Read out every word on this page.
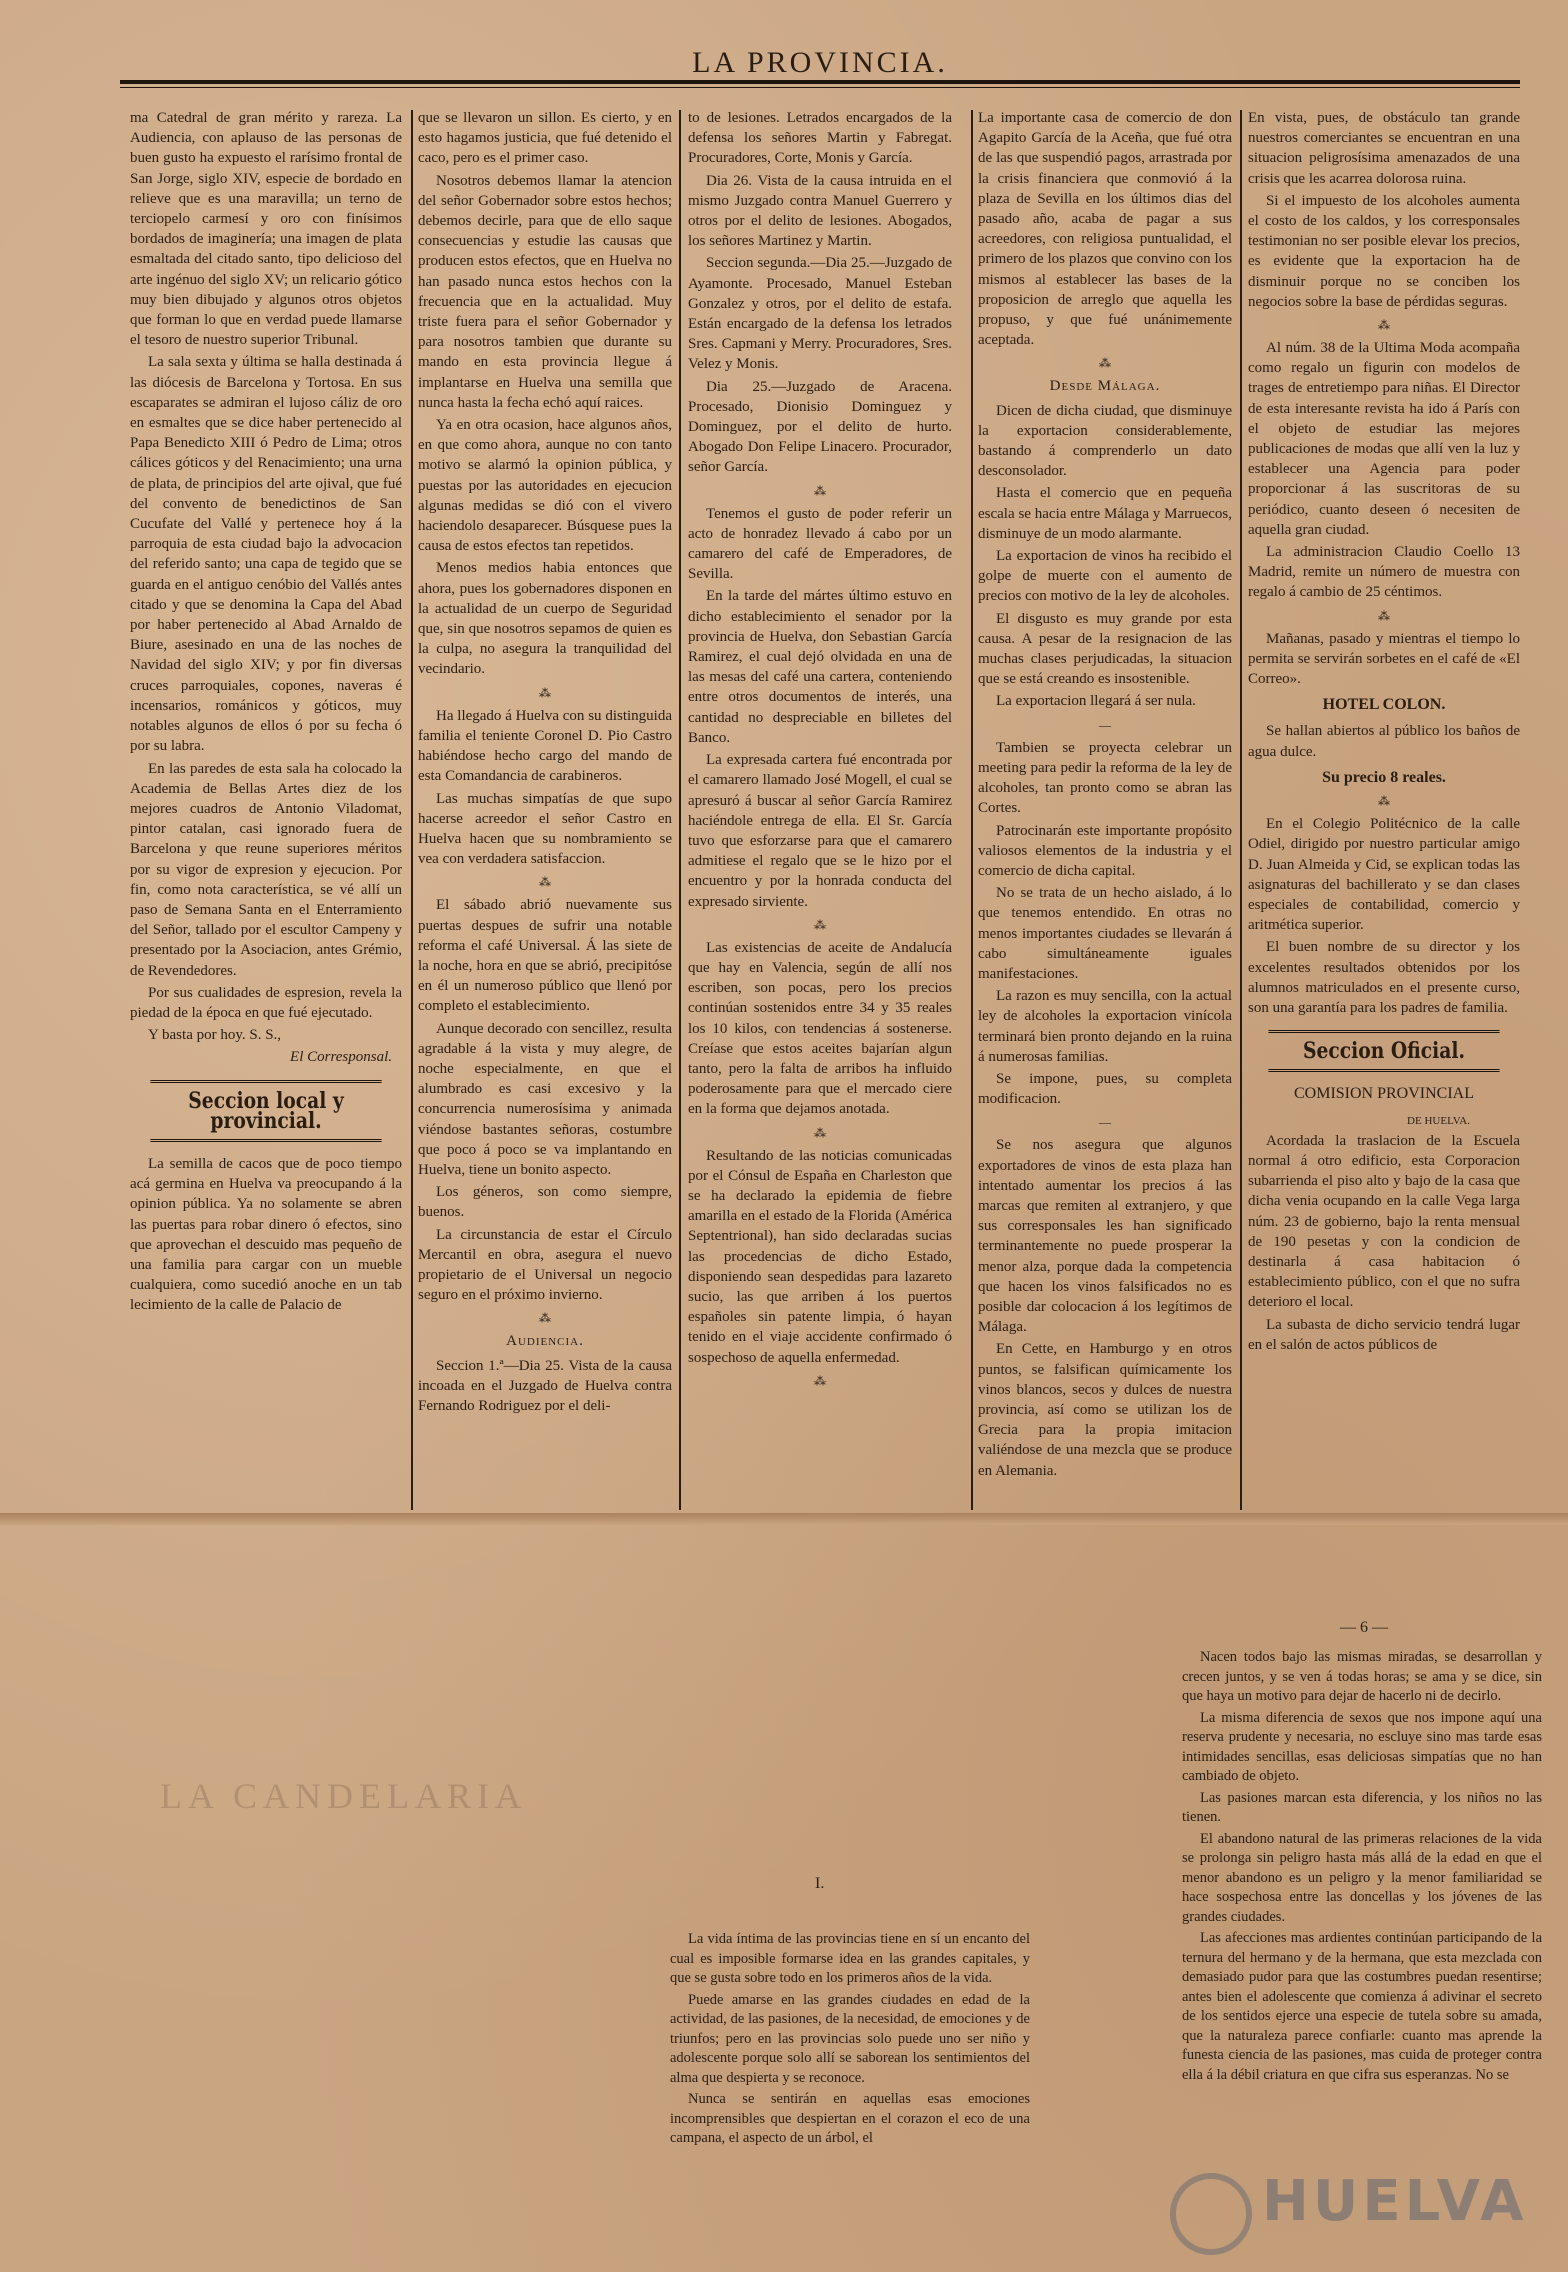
LA PROVINCIA.

ma Catedral de gran mérito y rareza. La Audiencia, con aplauso de las personas de buen gusto ha expuesto el rarísimo frontal de San Jorge, siglo XIV, especie de bordado en relieve que es una maravilla; un terno de terciopelo carmesí y oro con finísimos bordados de imaginería; una imagen de plata esmaltada del citado santo, tipo delicioso del arte ingénuo del siglo XV; un relicario gótico muy bien dibujado y algunos otros objetos que forman lo que en verdad puede llamarse el tesoro de nuestro superior Tribunal.

La sala sexta y última se halla destinada á las diócesis de Barcelona y Tortosa. En sus escaparates se admiran el lujoso cáliz de oro en esmaltes que se dice haber pertenecido al Papa Benedicto XIII ó Pedro de Lima; otros cálices góticos y del Renacimiento; una urna de plata, de principios del arte ojival, que fué del convento de benedictinos de San Cucufate del Vallé y pertenece hoy á la parroquia de esta ciudad bajo la advocacion del referido santo; una capa de tegido que se guarda en el antiguo cenóbio del Vallés antes citado y que se denomina la Capa del Abad por haber pertenecido al Abad Arnaldo de Biure, asesinado en una de las noches de Navidad del siglo XIV; y por fin diversas cruces parroquiales, copones, naveras é incensarios, románicos y góticos, muy notables algunos de ellos ó por su fecha ó por su labra.

En las paredes de esta sala ha colocado la Academia de Bellas Artes diez de los mejores cuadros de Antonio Viladomat, pintor catalan, casi ignorado fuera de Barcelona y que reune superiores méritos por su vigor de expresion y ejecucion. Por fin, como nota característica, se vé allí un paso de Semana Santa en el Enterramiento del Señor, tallado por el escultor Campeny y presentado por la Asociacion, antes Grémio, de Revendedores.

Por sus cualidades de espresion, revela la piedad de la época en que fué ejecutado.

Y basta por hoy. S. S.,

El Corresponsal.
Seccion local y provincial.

La semilla de cacos que de poco tiempo acá germina en Huelva va preocupando á la opinion pública. Ya no solamente se abren las puertas para robar dinero ó efectos, sino que aprovechan el descuido mas pequeño de una familia para cargar con un mueble cualquiera, como sucedió anoche en un tab lecimiento de la calle de Palacio de

que se llevaron un sillon. Es cierto, y en esto hagamos justicia, que fué detenido el caco, pero es el primer caso.

Nosotros debemos llamar la atencion del señor Gobernador sobre estos hechos; debemos decirle, para que de ello saque consecuencias y estudie las causas que producen estos efectos, que en Huelva no han pasado nunca estos hechos con la frecuencia que en la actualidad. Muy triste fuera para el señor Gobernador y para nosotros tambien que durante su mando en esta provincia llegue á implantarse en Huelva una semilla que nunca hasta la fecha echó aquí raices.

Ya en otra ocasion, hace algunos años, en que como ahora, aunque no con tanto motivo se alarmó la opinion pública, y puestas por las autoridades en ejecucion algunas medidas se dió con el vivero haciendolo desaparecer. Búsquese pues la causa de estos efectos tan repetidos.

Menos medios habia entonces que ahora, pues los gobernadores disponen en la actualidad de un cuerpo de Seguridad que, sin que nosotros sepamos de quien es la culpa, no asegura la tranquilidad del vecindario.

⁂

Ha llegado á Huelva con su distinguida familia el teniente Coronel D. Pio Castro habiéndose hecho cargo del mando de esta Comandancia de carabineros.

Las muchas simpatías de que supo hacerse acreedor el señor Castro en Huelva hacen que su nombramiento se vea con verdadera satisfaccion.

⁂

El sábado abrió nuevamente sus puertas despues de sufrir una notable reforma el café Universal. Á las siete de la noche, hora en que se abrió, precipitóse en él un numeroso público que llenó por completo el establecimiento.

Aunque decorado con sencillez, resulta agradable á la vista y muy alegre, de noche especialmente, en que el alumbrado es casi excesivo y la concurrencia numerosísima y animada viéndose bastantes señoras, costumbre que poco á poco se va implantando en Huelva, tiene un bonito aspecto.

Los géneros, son como siempre, buenos.

La circunstancia de estar el Círculo Mercantil en obra, asegura el nuevo propietario de el Universal un negocio seguro en el próximo invierno.

⁂
Audiencia.

Seccion 1.ª—Dia 25. Vista de la causa incoada en el Juzgado de Huelva contra Fernando Rodriguez por el deli-

to de lesiones. Letrados encargados de la defensa los señores Martin y Fabregat. Procuradores, Corte, Monis y García.

Dia 26. Vista de la causa intruida en el mismo Juzgado contra Manuel Guerrero y otros por el delito de lesiones. Abogados, los señores Martinez y Martin.

Seccion segunda.—Dia 25.—Juzgado de Ayamonte. Procesado, Manuel Esteban Gonzalez y otros, por el delito de estafa. Están encargado de la defensa los letrados Sres. Capmani y Merry. Procuradores, Sres. Velez y Monis.

Dia 25.—Juzgado de Aracena. Procesado, Dionisio Dominguez y Dominguez, por el delito de hurto. Abogado Don Felipe Linacero. Procurador, señor García.

⁂

Tenemos el gusto de poder referir un acto de honradez llevado á cabo por un camarero del café de Emperadores, de Sevilla.

En la tarde del mártes último estuvo en dicho establecimiento el senador por la provincia de Huelva, don Sebastian García Ramirez, el cual dejó olvidada en una de las mesas del café una cartera, conteniendo entre otros documentos de interés, una cantidad no despreciable en billetes del Banco.

La expresada cartera fué encontrada por el camarero llamado José Mogell, el cual se apresuró á buscar al señor García Ramirez haciéndole entrega de ella. El Sr. García tuvo que esforzarse para que el camarero admitiese el regalo que se le hizo por el encuentro y por la honrada conducta del expresado sirviente.

⁂

Las existencias de aceite de Andalucía que hay en Valencia, según de allí nos escriben, son pocas, pero los precios continúan sostenidos entre 34 y 35 reales los 10 kilos, con tendencias á sostenerse. Creíase que estos aceites bajarían algun tanto, pero la falta de arribos ha influido poderosamente para que el mercado ciere en la forma que dejamos anotada.

⁂

Resultando de las noticias comunicadas por el Cónsul de España en Charleston que se ha declarado la epidemia de fiebre amarilla en el estado de la Florida (América Septentrional), han sido declaradas sucias las procedencias de dicho Estado, disponiendo sean despedidas para lazareto sucio, las que arriben á los puertos españoles sin patente limpia, ó hayan tenido en el viaje accidente confirmado ó sospechoso de aquella enfermedad.

⁂

La importante casa de comercio de don Agapito García de la Aceña, que fué otra de las que suspendió pagos, arrastrada por la crisis financiera que conmovió á la plaza de Sevilla en los últimos dias del pasado año, acaba de pagar a sus acreedores, con religiosa puntualidad, el primero de los plazos que convino con los mismos al establecer las bases de la proposicion de arreglo que aquella les propuso, y que fué unánimemente aceptada.

⁂
Desde Málaga.

Dicen de dicha ciudad, que disminuye la exportacion considerablemente, bastando á comprenderlo un dato desconsolador.

Hasta el comercio que en pequeña escala se hacia entre Málaga y Marruecos, disminuye de un modo alarmante.

La exportacion de vinos ha recibido el golpe de muerte con el aumento de precios con motivo de la ley de alcoholes.

El disgusto es muy grande por esta causa. A pesar de la resignacion de las muchas clases perjudicadas, la situacion que se está creando es insostenible.

La exportacion llegará á ser nula.

—

Tambien se proyecta celebrar un meeting para pedir la reforma de la ley de alcoholes, tan pronto como se abran las Cortes.

Patrocinarán este importante propósito valiosos elementos de la industria y el comercio de dicha capital.

No se trata de un hecho aislado, á lo que tenemos entendido. En otras no menos importantes ciudades se llevarán á cabo simultáneamente iguales manifestaciones.

La razon es muy sencilla, con la actual ley de alcoholes la exportacion vinícola terminará bien pronto dejando en la ruina á numerosas familias.

Se impone, pues, su completa modificacion.

—

Se nos asegura que algunos exportadores de vinos de esta plaza han intentado aumentar los precios á las marcas que remiten al extranjero, y que sus corresponsales les han significado terminantemente no puede prosperar la menor alza, porque dada la competencia que hacen los vinos falsificados no es posible dar colocacion á los legítimos de Málaga.

En Cette, en Hamburgo y en otros puntos, se falsifican químicamente los vinos blancos, secos y dulces de nuestra provincia, así como se utilizan los de Grecia para la propia imitacion valiéndose de una mezcla que se produce en Alemania.

En vista, pues, de obstáculo tan grande nuestros comerciantes se encuentran en una situacion peligrosísima amenazados de una crisis que les acarrea dolorosa ruina.

Si el impuesto de los alcoholes aumenta el costo de los caldos, y los corresponsales testimonian no ser posible elevar los precios, es evidente que la exportacion ha de disminuir porque no se conciben los negocios sobre la base de pérdidas seguras.

⁂

Al núm. 38 de la Ultima Moda acompaña como regalo un figurin con modelos de trages de entretiempo para niñas. El Director de esta interesante revista ha ido á París con el objeto de estudiar las mejores publicaciones de modas que allí ven la luz y establecer una Agencia para poder proporcionar á las suscritoras de su periódico, cuanto deseen ó necesiten de aquella gran ciudad.

La administracion Claudio Coello 13 Madrid, remite un número de muestra con regalo á cambio de 25 céntimos.

⁂

Mañanas, pasado y mientras el tiempo lo permita se servirán sorbetes en el café de «El Correo».

HOTEL COLON.

Se hallan abiertos al público los baños de agua dulce.

Su precio 8 reales.
⁂

En el Colegio Politécnico de la calle Odiel, dirigido por nuestro particular amigo D. Juan Almeida y Cid, se explican todas las asignaturas del bachillerato y se dan clases especiales de contabilidad, comercio y aritmética superior.

El buen nombre de su director y los excelentes resultados obtenidos por los alumnos matriculados en el presente curso, son una garantía para los padres de familia.

Seccion Oficial.
COMISION PROVINCIAL
DE HUELVA.

Acordada la traslacion de la Escuela normal á otro edificio, esta Corporacion subarrienda el piso alto y bajo de la casa que dicha venia ocupando en la calle Vega larga núm. 23 de gobierno, bajo la renta mensual de 190 pesetas y con la condicion de destinarla á casa habitacion ó establecimiento público, con el que no sufra deterioro el local.

La subasta de dicho servicio tendrá lugar en el salón de actos públicos de

LA CANDELARIA
— 6 —
I.

La vida íntima de las provincias tiene en sí un encanto del cual es imposible formarse idea en las grandes capitales, y que se gusta sobre todo en los primeros años de la vida.

Puede amarse en las grandes ciudades en edad de la actividad, de las pasiones, de la necesidad, de emociones y de triunfos; pero en las provincias solo puede uno ser niño y adolescente porque solo allí se saborean los sentimientos del alma que despierta y se reconoce.

Nunca se sentirán en aquellas esas emociones incomprensibles que despiertan en el corazon el eco de una campana, el aspecto de un árbol, el

Nacen todos bajo las mismas miradas, se desarrollan y crecen juntos, y se ven á todas horas; se ama y se dice, sin que haya un motivo para dejar de hacerlo ni de decirlo.

La misma diferencia de sexos que nos impone aquí una reserva prudente y necesaria, no escluye sino mas tarde esas intimidades sencillas, esas deliciosas simpatías que no han cambiado de objeto.

Las pasiones marcan esta diferencia, y los niños no las tienen.

El abandono natural de las primeras relaciones de la vida se prolonga sin peligro hasta más allá de la edad en que el menor abandono es un peligro y la menor familiaridad se hace sospechosa entre las doncellas y los jóvenes de las grandes ciudades.

Las afecciones mas ardientes continúan participando de la ternura del hermano y de la hermana, que esta mezclada con demasiado pudor para que las costumbres puedan resentirse; antes bien el adolescente que comienza á adivinar el secreto de los sentidos ejerce una especie de tutela sobre su amada, que la naturaleza parece confiarle: cuanto mas aprende la funesta ciencia de las pasiones, mas cuida de proteger contra ella á la débil criatura en que cifra sus esperanzas. No se

HUELVA
